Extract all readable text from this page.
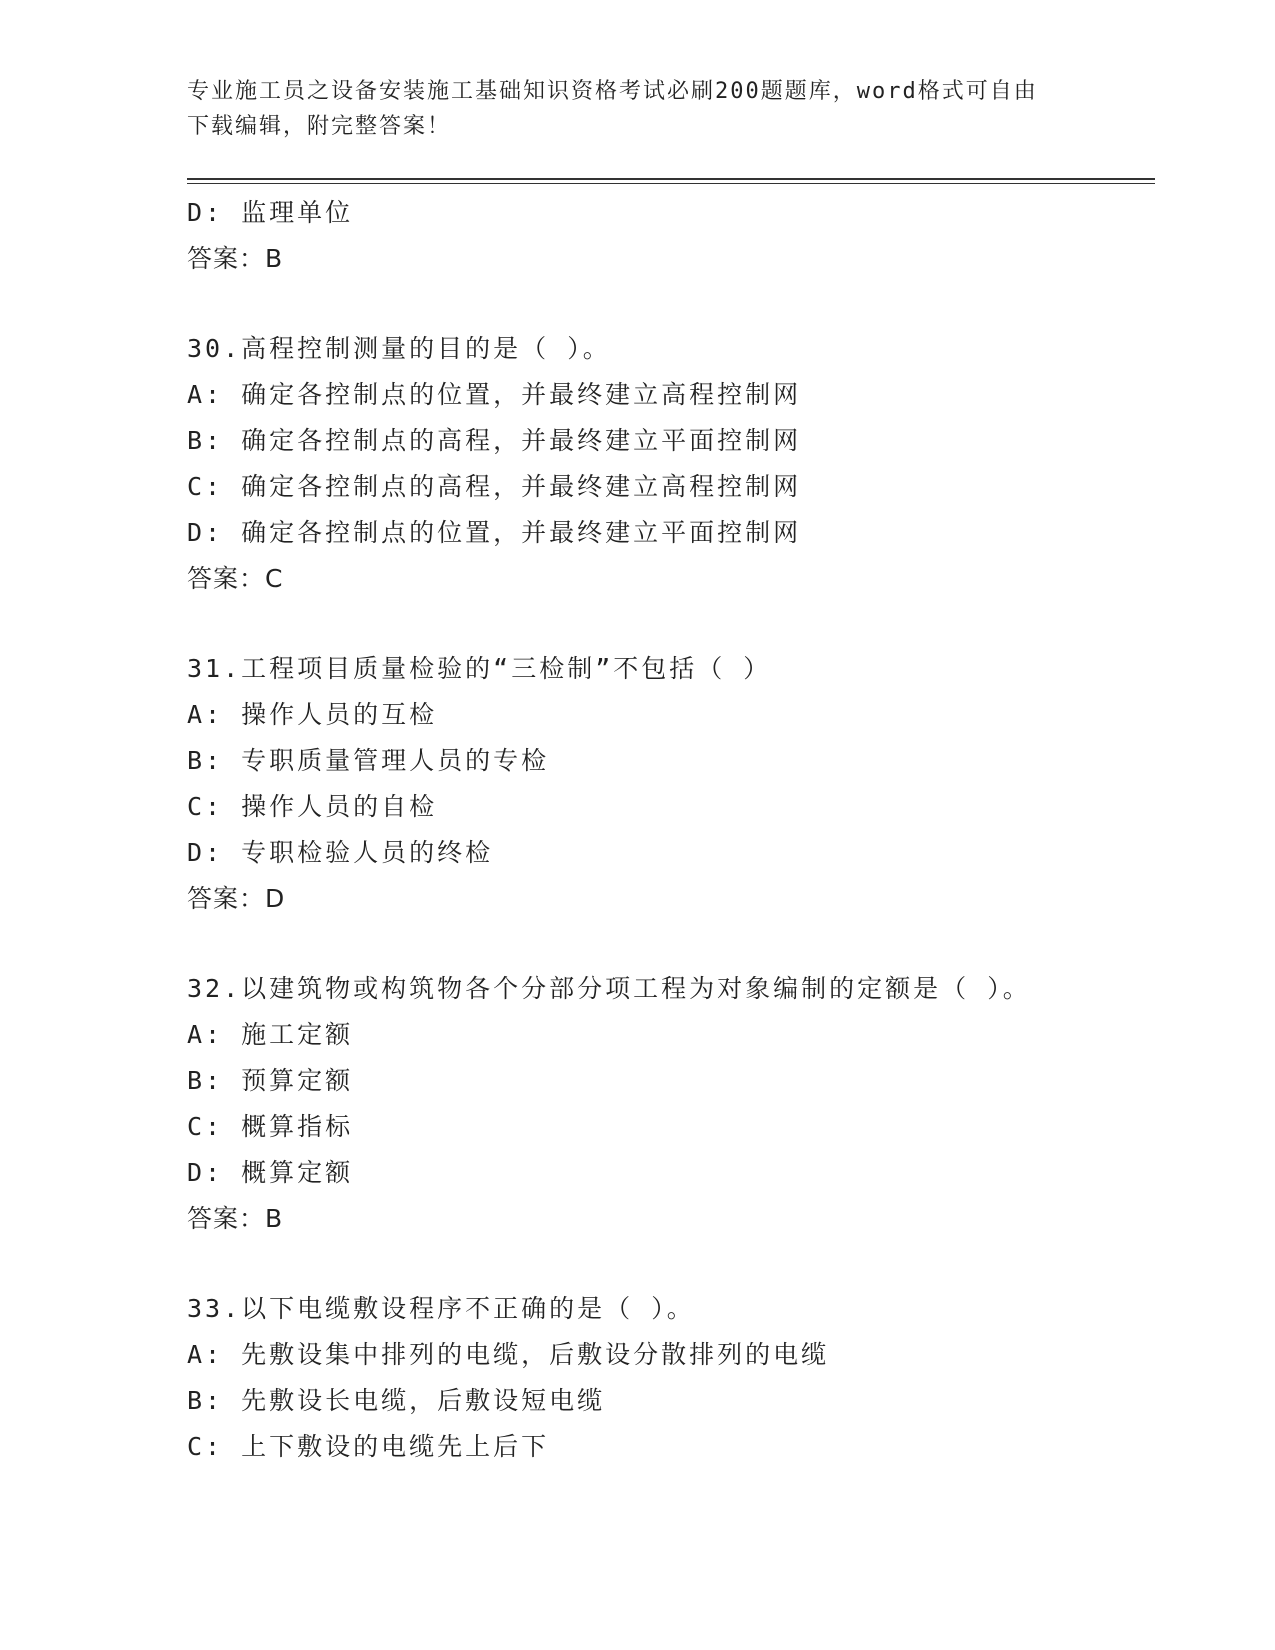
专业施工员之设备安装施工基础知识资格考试必刷200题题库，word格式可自由
下载编辑，附完整答案！
D: 监理单位
答案：B
30.高程控制测量的目的是（ ）。
A: 确定各控制点的位置，并最终建立高程控制网
B: 确定各控制点的高程，并最终建立平面控制网
C: 确定各控制点的高程，并最终建立高程控制网
D: 确定各控制点的位置，并最终建立平面控制网
答案：C
31.工程项目质量检验的“三检制”不包括（ ）
A: 操作人员的互检
B: 专职质量管理人员的专检
C: 操作人员的自检
D: 专职检验人员的终检
答案：D
32.以建筑物或构筑物各个分部分项工程为对象编制的定额是（ ）。
A: 施工定额
B: 预算定额
C: 概算指标
D: 概算定额
答案：B
33.以下电缆敷设程序不正确的是（ ）。
A: 先敷设集中排列的电缆，后敷设分散排列的电缆
B: 先敷设长电缆，后敷设短电缆
C: 上下敷设的电缆先上后下
